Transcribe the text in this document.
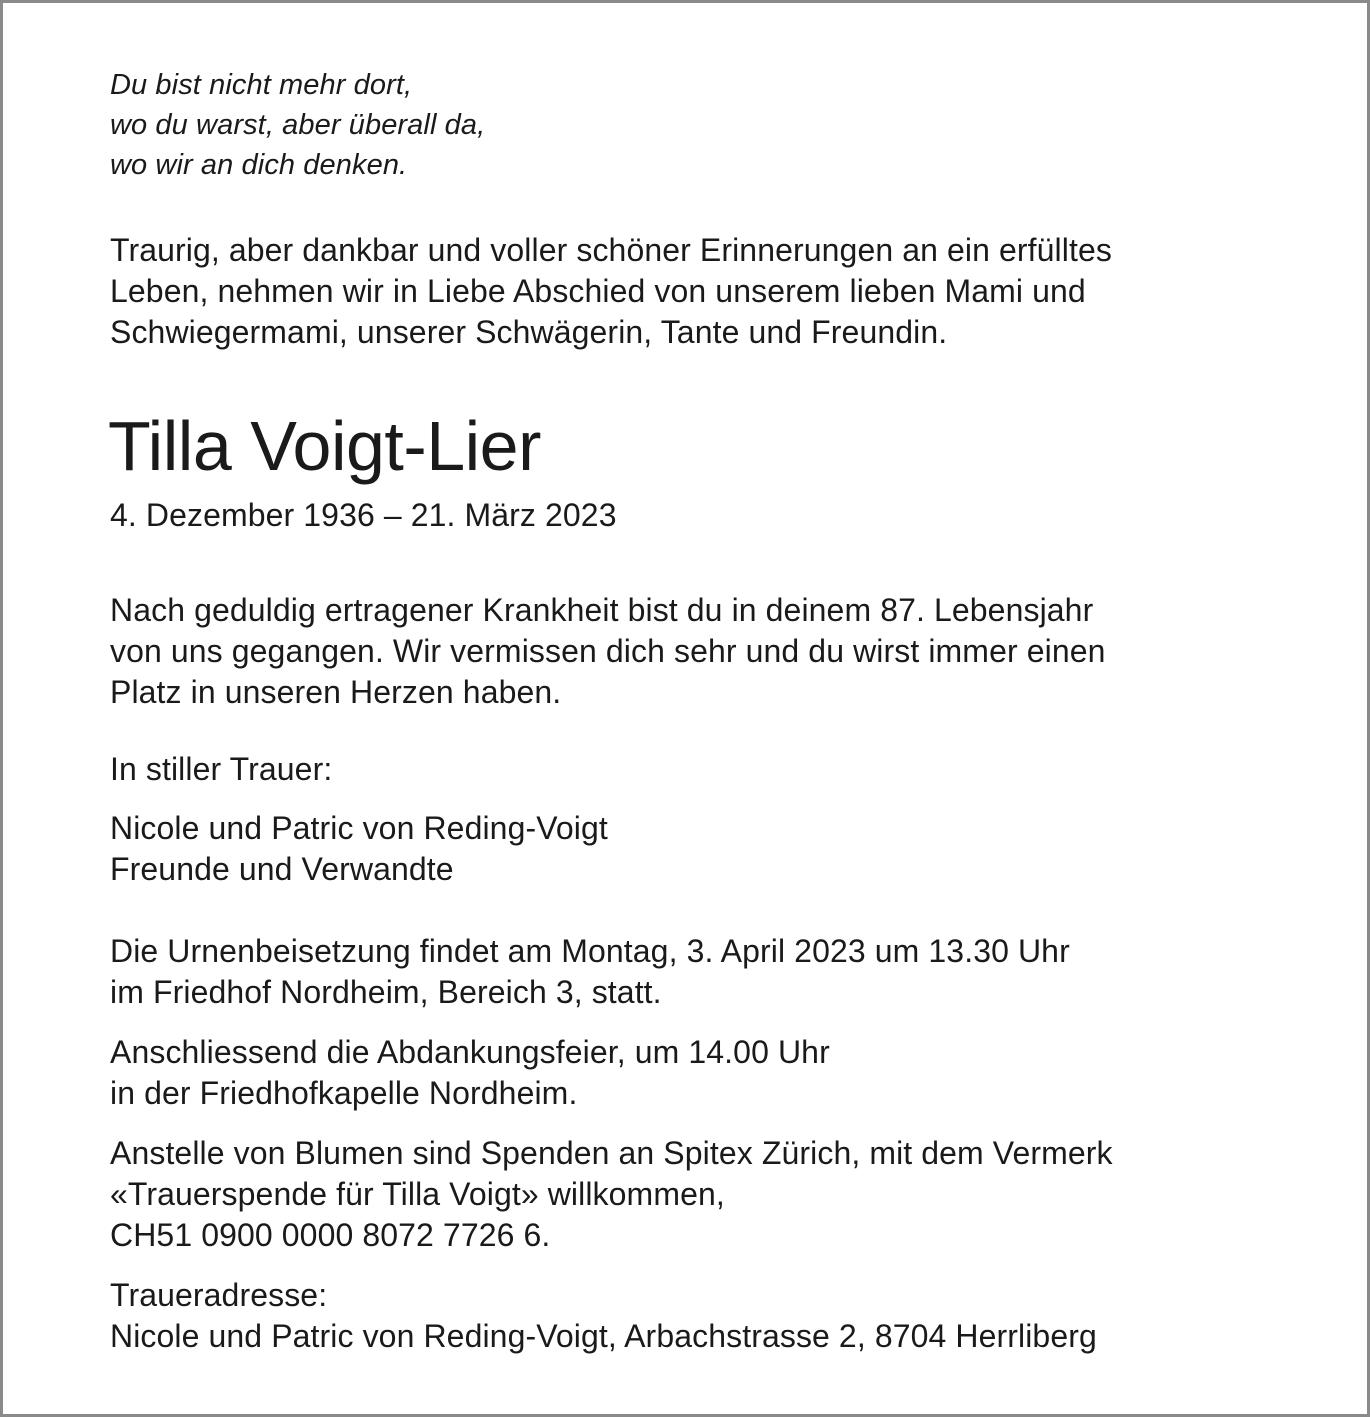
Du bist nicht mehr dort,
wo du warst, aber überall da,
wo wir an dich denken.

Traurig, aber dankbar und voller schöner Erinnerungen an ein erfülltes
Leben, nehmen wir in Liebe Abschied von unserem lieben Mami und
Schwiegermami, unserer Schwägerin, Tante und Freundin.

Tilla Voigt-Lier

4. Dezember 1936 – 21. März 2023

Nach geduldig ertragener Krankheit bist du in deinem 87. Lebensjahr
von uns gegangen. Wir vermissen dich sehr und du wirst immer einen
Platz in unseren Herzen haben.

In stiller Trauer:

Nicole und Patric von Reding-Voigt
Freunde und Verwandte

Die Urnenbeisetzung findet am Montag, 3. April 2023 um 13.30 Uhr
im Friedhof Nordheim, Bereich 3, statt.

Anschliessend die Abdankungsfeier, um 14.00 Uhr
in der Friedhofkapelle Nordheim.

Anstelle von Blumen sind Spenden an Spitex Zürich, mit dem Vermerk
«Trauerspende für Tilla Voigt» willkommen,
CH51 0900 0000 8072 7726 6.

Traueradresse:
Nicole und Patric von Reding-Voigt, Arbachstrasse 2, 8704 Herrliberg
